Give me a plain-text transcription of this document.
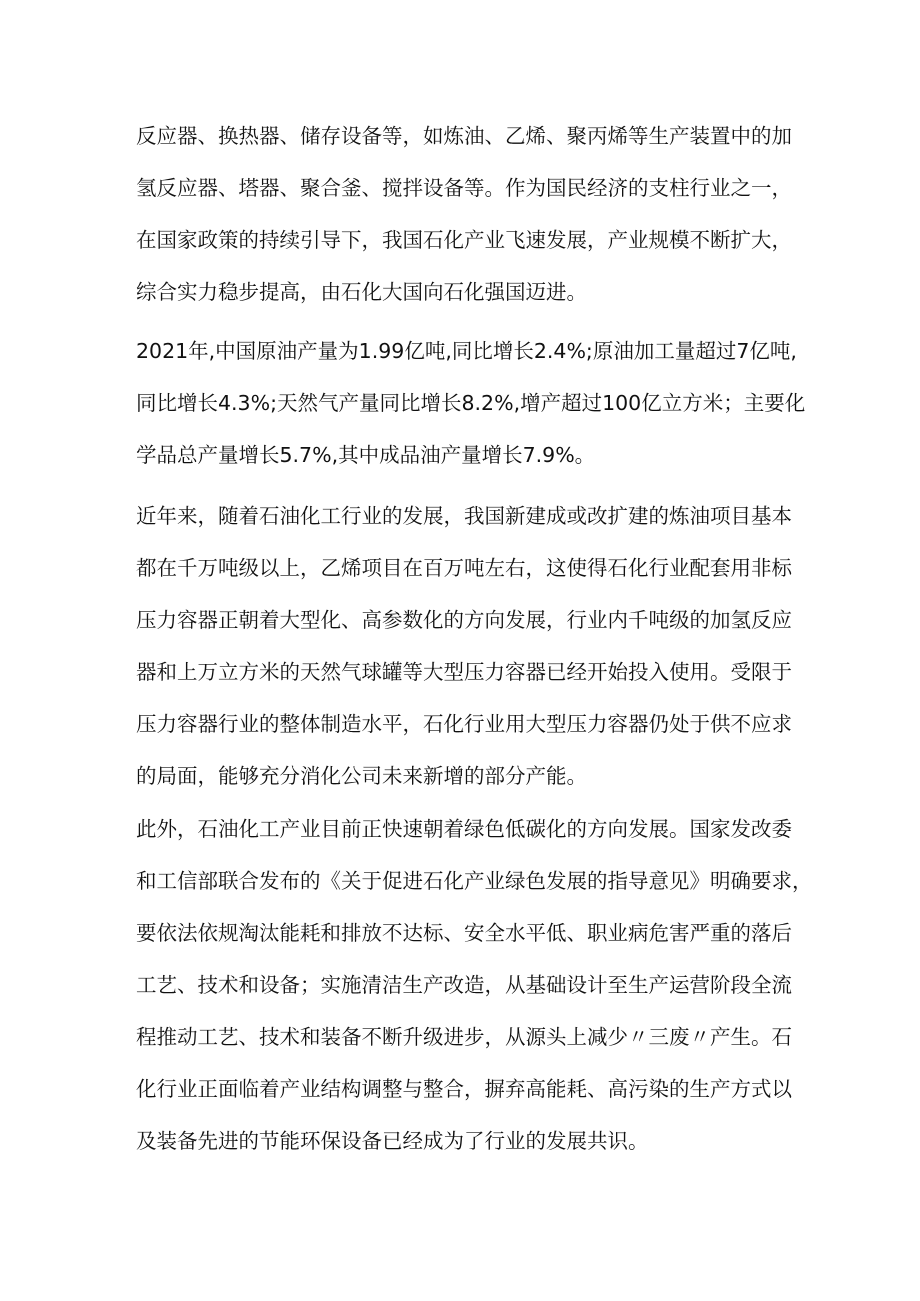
反应器、换热器、储存设备等，如炼油、乙烯、聚丙烯等生产装置中的加
氢反应器、塔器、聚合釜、搅拌设备等。作为国民经济的支柱行业之一，
在国家政策的持续引导下，我国石化产业飞速发展，产业规模不断扩大，
综合实力稳步提高，由石化大国向石化强国迈进。
2021年,中国原油产量为1.99亿吨,同比增长2.4%;原油加工量超过7亿吨,
同比增长4.3%;天然气产量同比增长8.2%,增产超过100亿立方米；主要化
学品总产量增长5.7%,其中成品油产量增长7.9%。
近年来，随着石油化工行业的发展，我国新建成或改扩建的炼油项目基本
都在千万吨级以上，乙烯项目在百万吨左右，这使得石化行业配套用非标
压力容器正朝着大型化、高参数化的方向发展，行业内千吨级的加氢反应
器和上万立方米的天然气球罐等大型压力容器已经开始投入使用。受限于
压力容器行业的整体制造水平，石化行业用大型压力容器仍处于供不应求
的局面，能够充分消化公司未来新增的部分产能。
此外，石油化工产业目前正快速朝着绿色低碳化的方向发展。国家发改委
和工信部联合发布的《关于促进石化产业绿色发展的指导意见》明确要求，
要依法依规淘汰能耗和排放不达标、安全水平低、职业病危害严重的落后
工艺、技术和设备；实施清洁生产改造，从基础设计至生产运营阶段全流
程推动工艺、技术和装备不断升级进步，从源头上减少〃三废〃产生。石
化行业正面临着产业结构调整与整合，摒弃高能耗、高污染的生产方式以
及装备先进的节能环保设备已经成为了行业的发展共识。
